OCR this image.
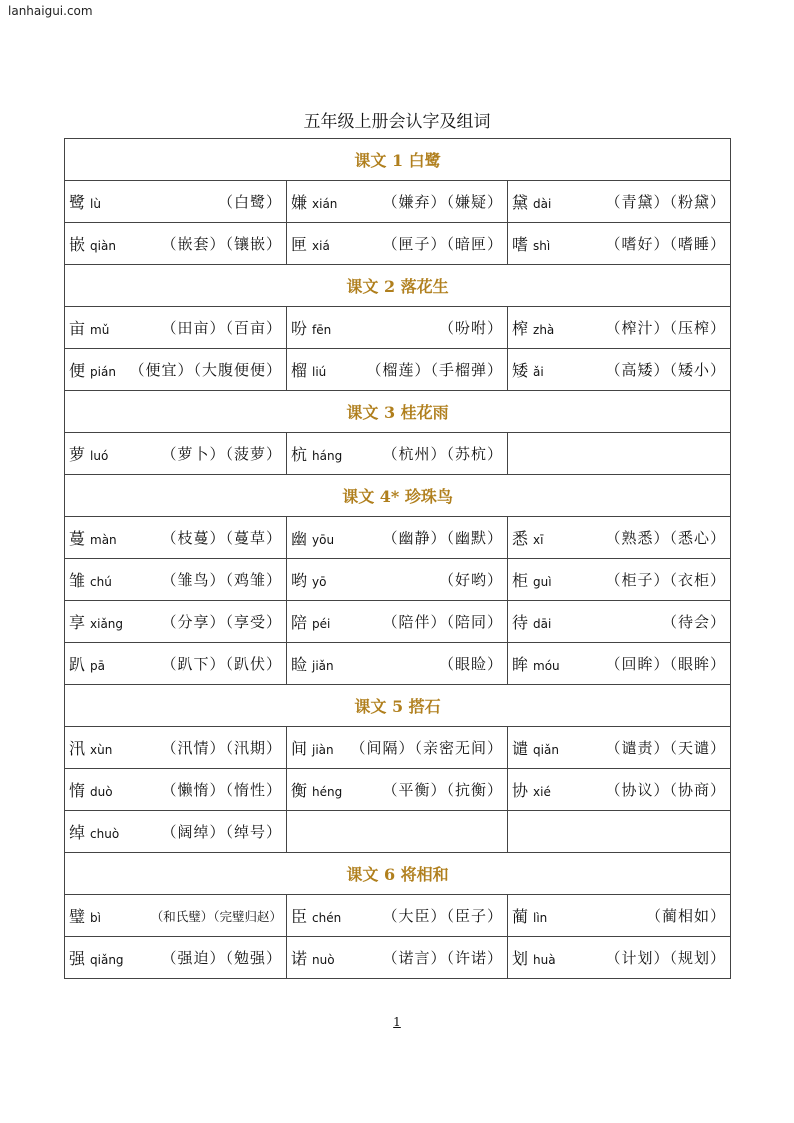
lanhaigui.com
五年级上册会认字及组词
课文 1 白鹭		

鹭 lù （白鹭）	嫌 xián （嫌弃）（嫌疑）	黛 dài （青黛）（粉黛）

嵌 qiàn （嵌套）（镶嵌）	匣 xiá （匣子）（暗匣）	嗜 shì （嗜好）（嗜睡）

课文 2 落花生		

亩 mǔ （田亩）（百亩）	吩 fēn （吩咐）	榨 zhà （榨汁）（压榨）

便 pián （便宜）（大腹便便）	榴 liú （榴莲）（手榴弹）	矮 ǎi （高矮）（矮小）

课文 3 桂花雨		

萝 luó （萝卜）（菠萝）	杭 háng （杭州）（苏杭）	

课文 4* 珍珠鸟		

蔓 màn （枝蔓）（蔓草）	幽 yōu （幽静）（幽默）	悉 xī （熟悉）（悉心）

雏 chú （雏鸟）（鸡雏）	哟 yō （好哟）	柜 guì （柜子）（衣柜）

享 xiǎng （分享）（享受）	陪 péi （陪伴）（陪同）	待 dāi （待会）

趴 pā （趴下）（趴伏）	睑 jiǎn （眼睑）	眸 móu （回眸）（眼眸）

课文 5 搭石		

汛 xùn （汛情）（汛期）	间 jiàn （间隔）（亲密无间）	谴 qiǎn （谴责）（天谴）

惰 duò （懒惰）（惰性）	衡 héng （平衡）（抗衡）	协 xié （协议）（协商）

绰 chuò （阔绰）（绰号）		

课文 6 将相和		

璧 bì （和氏璧）（完璧归赵）	臣 chén （大臣）（臣子）	蔺 lìn （蔺相如）

强 qiǎng （强迫）（勉强）	诺 nuò （诺言）（许诺）	划 huà （计划）（规划）
1
